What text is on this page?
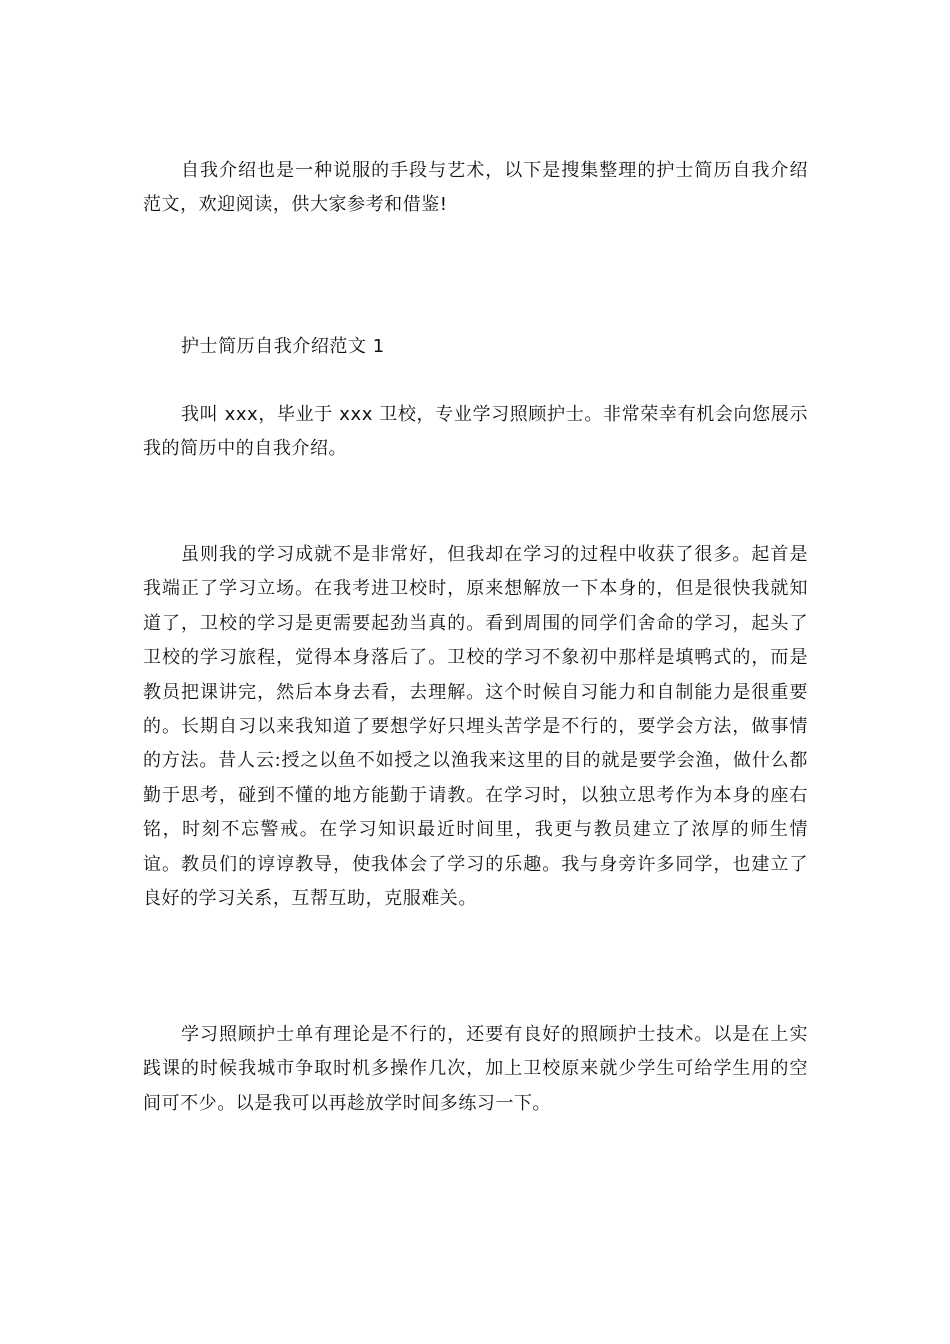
自我介绍也是一种说服的手段与艺术，以下是搜集整理的护士简历自我介绍范文，欢迎阅读，供大家参考和借鉴!

护士简历自我介绍范文 1

我叫 xxx，毕业于 xxx 卫校，专业学习照顾护士。非常荣幸有机会向您展示我的简历中的自我介绍。

虽则我的学习成就不是非常好，但我却在学习的过程中收获了很多。起首是我端正了学习立场。在我考进卫校时，原来想解放一下本身的，但是很快我就知道了，卫校的学习是更需要起劲当真的。看到周围的同学们舍命的学习，起头了卫校的学习旅程，觉得本身落后了。卫校的学习不象初中那样是填鸭式的，而是教员把课讲完，然后本身去看，去理解。这个时候自习能力和自制能力是很重要的。长期自习以来我知道了要想学好只埋头苦学是不行的，要学会方法，做事情的方法。昔人云:授之以鱼不如授之以渔我来这里的目的就是要学会渔，做什么都勤于思考，碰到不懂的地方能勤于请教。在学习时，以独立思考作为本身的座右铭，时刻不忘警戒。在学习知识最近时间里，我更与教员建立了浓厚的师生情谊。教员们的谆谆教导，使我体会了学习的乐趣。我与身旁许多同学，也建立了良好的学习关系，互帮互助，克服难关。

学习照顾护士单有理论是不行的，还要有良好的照顾护士技术。以是在上实践课的时候我城市争取时机多操作几次，加上卫校原来就少学生可给学生用的空间可不少。以是我可以再趁放学时间多练习一下。
